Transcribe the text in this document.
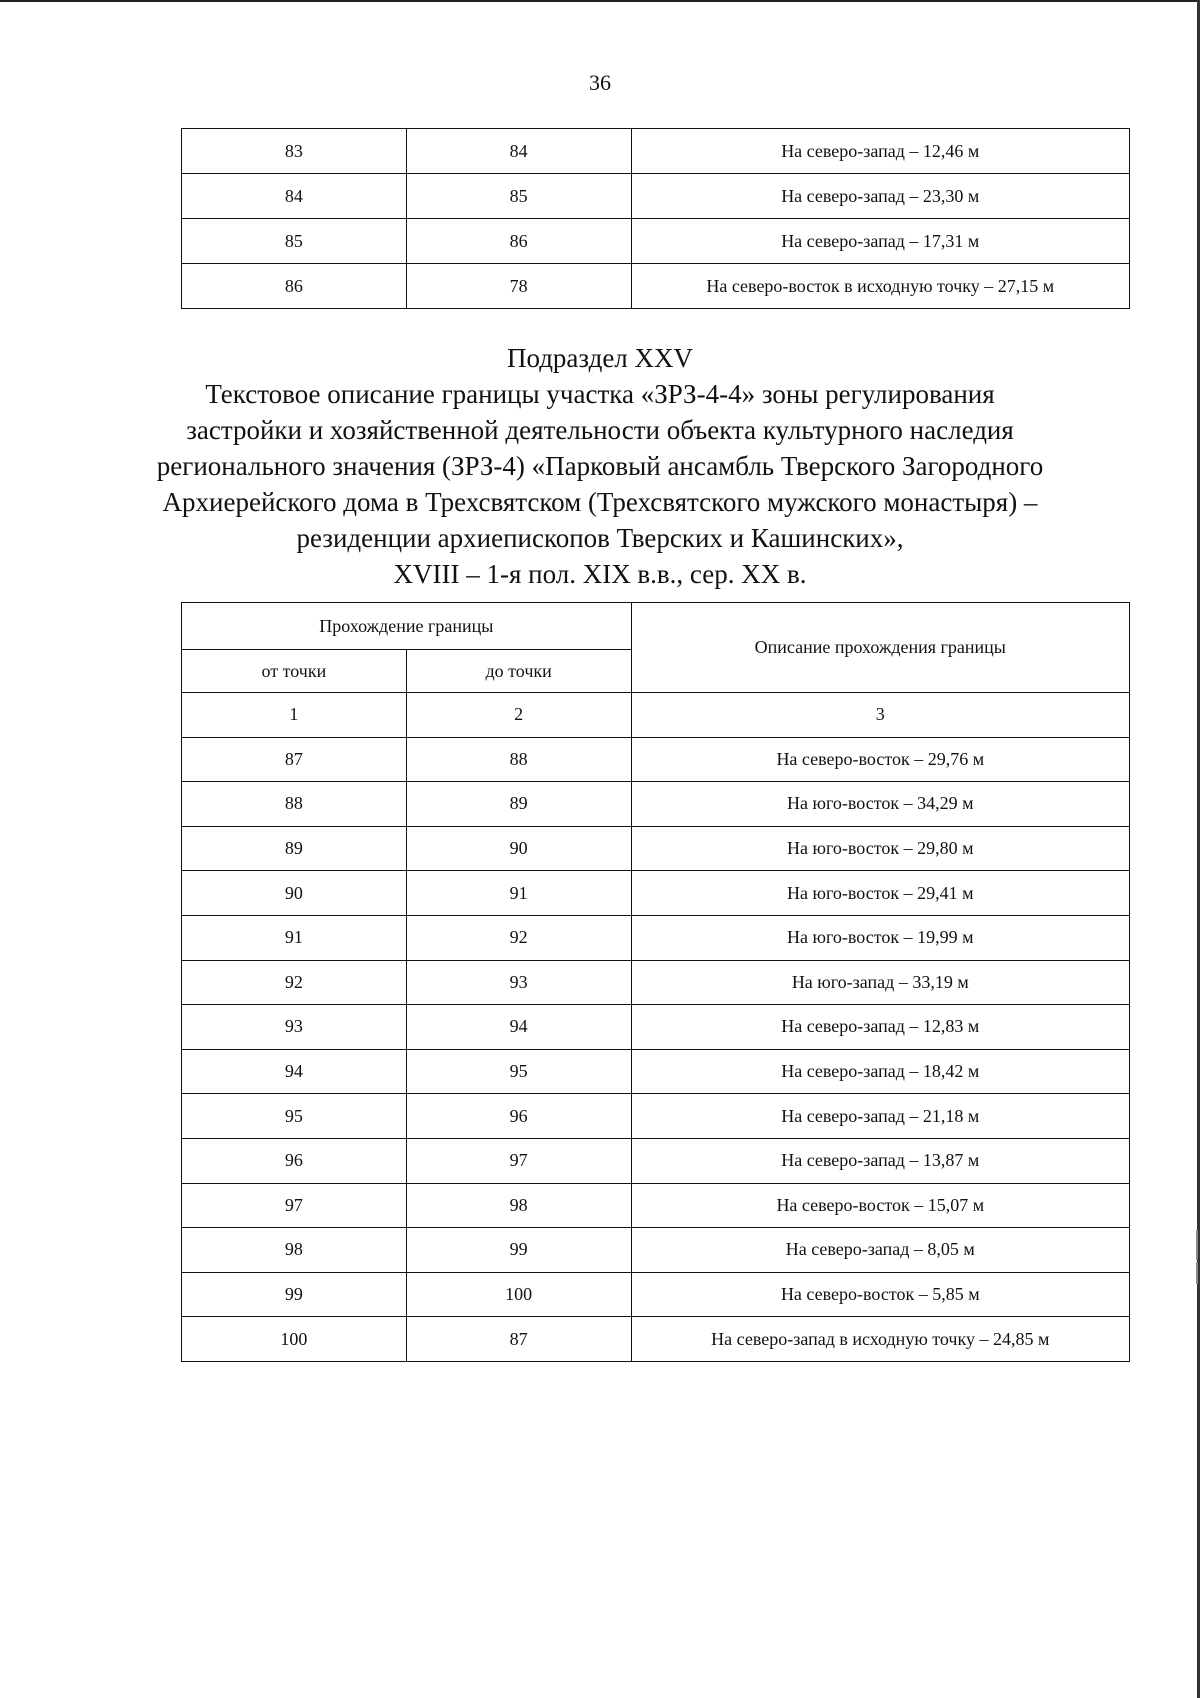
36
83	84	На северо-запад – 12,46 м
84	85	На северо-запад – 23,30 м
85	86	На северо-запад – 17,31 м
86	78	На северо-восток в исходную точку – 27,15 м
Подраздел XXV
Текстовое описание границы участка «ЗРЗ-4-4» зоны регулирования
застройки и хозяйственной деятельности объекта культурного наследия
регионального значения (ЗРЗ-4) «Парковый ансамбль Тверского Загородного
Архиерейского дома в Трехсвятском (Трехсвятского мужского монастыря) –
резиденции архиепископов Тверских и Кашинских»,
XVIII – 1-я пол. XIX в.в., сер. XX в.
Прохождение границы		Описание прохождения границы
от точки	до точки	
1	2	3
87	88	На северо-восток – 29,76 м
88	89	На юго-восток – 34,29 м
89	90	На юго-восток – 29,80 м
90	91	На юго-восток – 29,41 м
91	92	На юго-восток – 19,99 м
92	93	На юго-запад – 33,19 м
93	94	На северо-запад – 12,83 м
94	95	На северо-запад – 18,42 м
95	96	На северо-запад – 21,18 м
96	97	На северо-запад – 13,87 м
97	98	На северо-восток – 15,07 м
98	99	На северо-запад – 8,05 м
99	100	На северо-восток – 5,85 м
100	87	На северо-запад в исходную точку – 24,85 м
